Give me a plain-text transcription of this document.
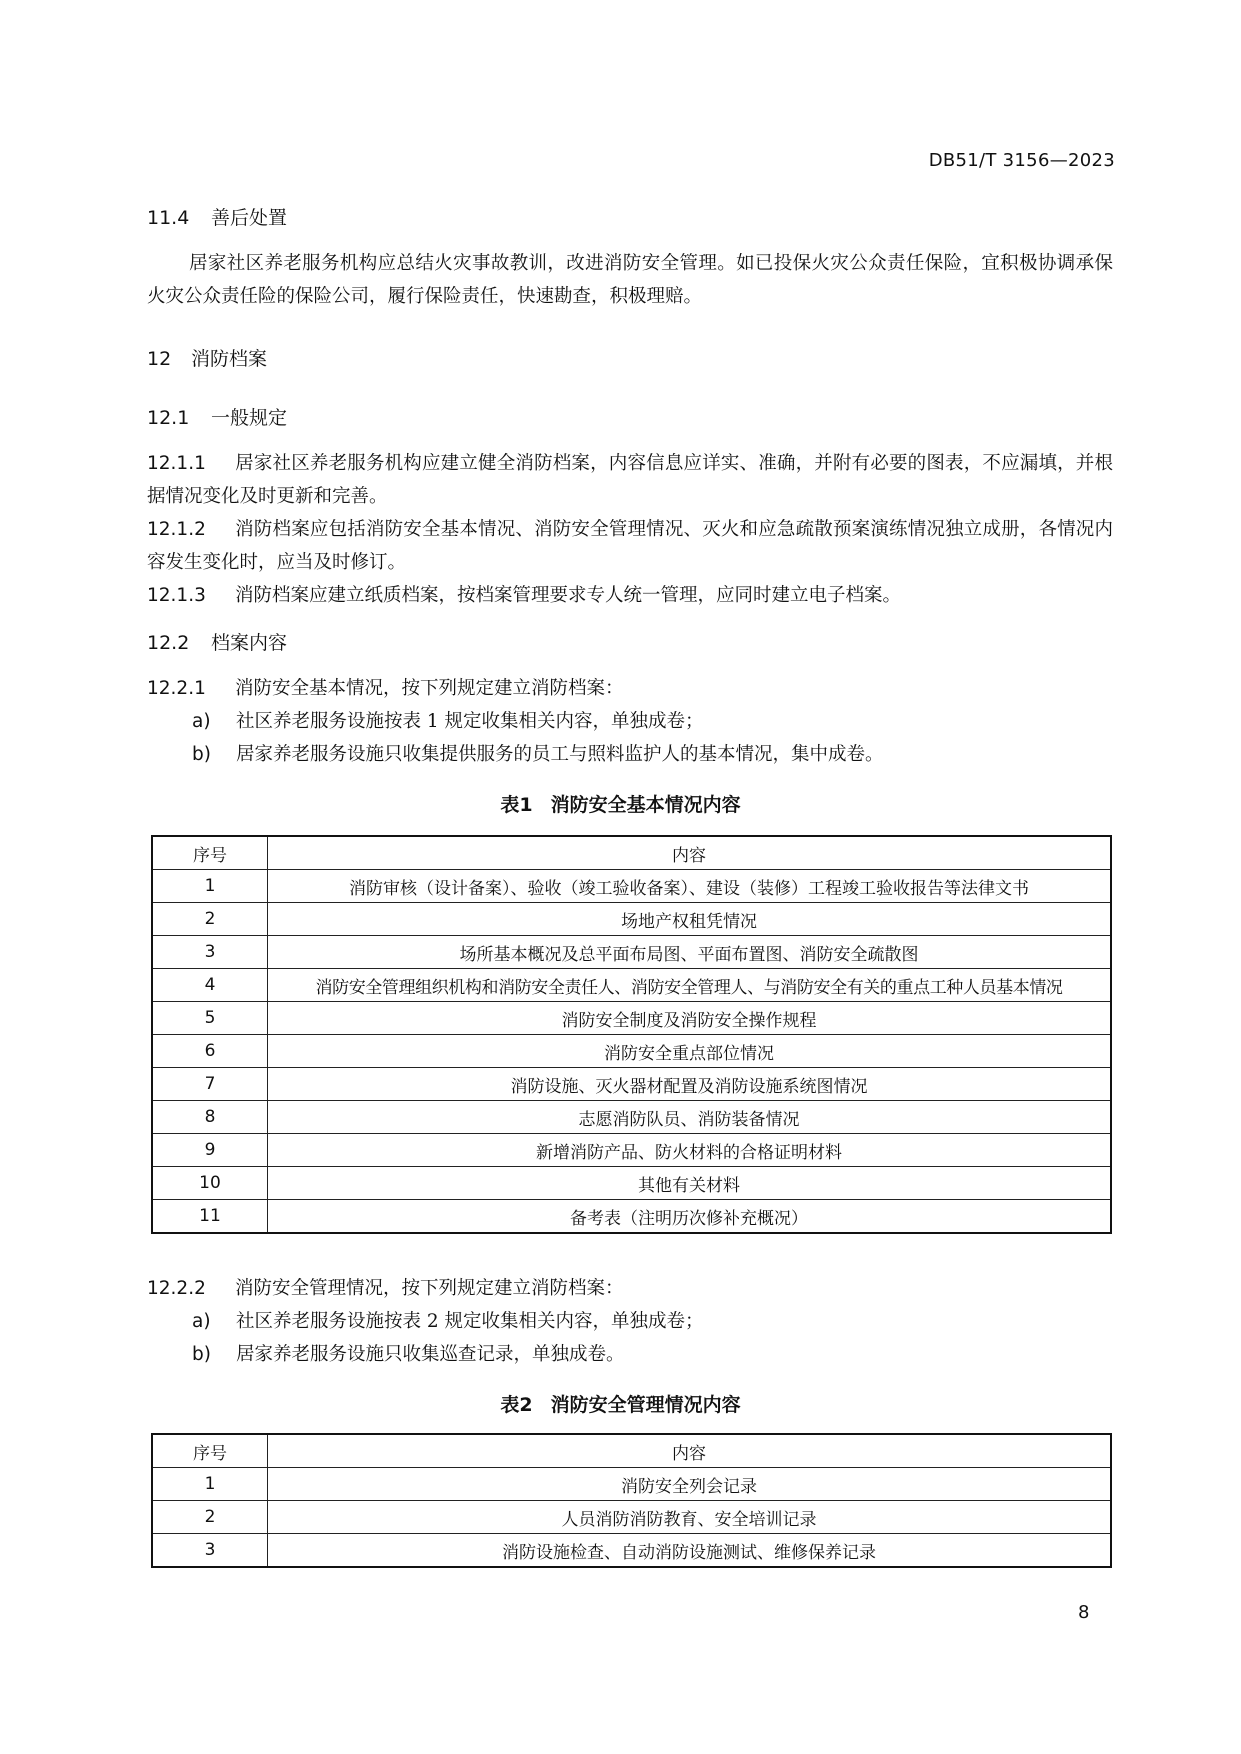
DB51/T 3156—2023
11.4 善后处置
居家社区养老服务机构应总结火灾事故教训，改进消防安全管理。如已投保火灾公众责任保险，宜积极协调承保火灾公众责任险的保险公司，履行保险责任，快速勘查，积极理赔。
12 消防档案
12.1 一般规定
12.1.1 居家社区养老服务机构应建立健全消防档案，内容信息应详实、准确，并附有必要的图表，不应漏填，并根据情况变化及时更新和完善。
12.1.2 消防档案应包括消防安全基本情况、消防安全管理情况、灭火和应急疏散预案演练情况独立成册，各情况内容发生变化时，应当及时修订。
12.1.3 消防档案应建立纸质档案，按档案管理要求专人统一管理，应同时建立电子档案。
12.2 档案内容
12.2.1 消防安全基本情况，按下列规定建立消防档案：
a) 社区养老服务设施按表 1 规定收集相关内容，单独成卷；
b) 居家养老服务设施只收集提供服务的员工与照料监护人的基本情况，集中成卷。
表1 消防安全基本情况内容
序号	内容
1	消防审核（设计备案）、验收（竣工验收备案）、建设（装修）工程竣工验收报告等法律文书
2	场地产权租凭情况
3	场所基本概况及总平面布局图、平面布置图、消防安全疏散图
4	消防安全管理组织机构和消防安全责任人、消防安全管理人、与消防安全有关的重点工种人员基本情况
5	消防安全制度及消防安全操作规程
6	消防安全重点部位情况
7	消防设施、灭火器材配置及消防设施系统图情况
8	志愿消防队员、消防装备情况
9	新增消防产品、防火材料的合格证明材料
10	其他有关材料
11	备考表（注明历次修补充概况）
12.2.2 消防安全管理情况，按下列规定建立消防档案：
a) 社区养老服务设施按表 2 规定收集相关内容，单独成卷；
b) 居家养老服务设施只收集巡查记录，单独成卷。
表2 消防安全管理情况内容
序号	内容
1	消防安全列会记录
2	人员消防消防教育、安全培训记录
3	消防设施检查、自动消防设施测试、维修保养记录
8
